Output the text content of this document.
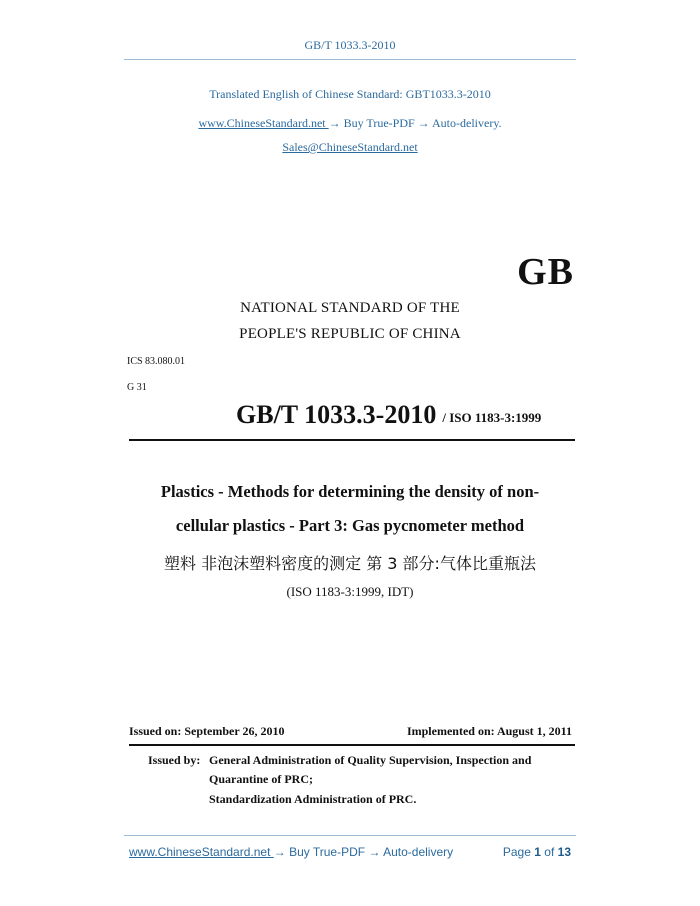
GB/T 1033.3-2010
Translated English of Chinese Standard: GBT1033.3-2010
www.ChineseStandard.net → Buy True-PDF → Auto-delivery.
Sales@ChineseStandard.net
GB
NATIONAL STANDARD OF THE
PEOPLE'S REPUBLIC OF CHINA
ICS 83.080.01
G 31
GB/T 1033.3-2010 / ISO 1183-3:1999
Plastics - Methods for determining the density of non-
cellular plastics - Part 3: Gas pycnometer method
塑料 非泡沫塑料密度的测定 第 3 部分:气体比重瓶法
(ISO 1183-3:1999, IDT)
Issued on: September 26, 2010	Implemented on: August 1, 2011
Issued by: General Administration of Quality Supervision, Inspection and
Quarantine of PRC;
Standardization Administration of PRC.
www.ChineseStandard.net → Buy True-PDF → Auto-delivery	Page 1 of 13
